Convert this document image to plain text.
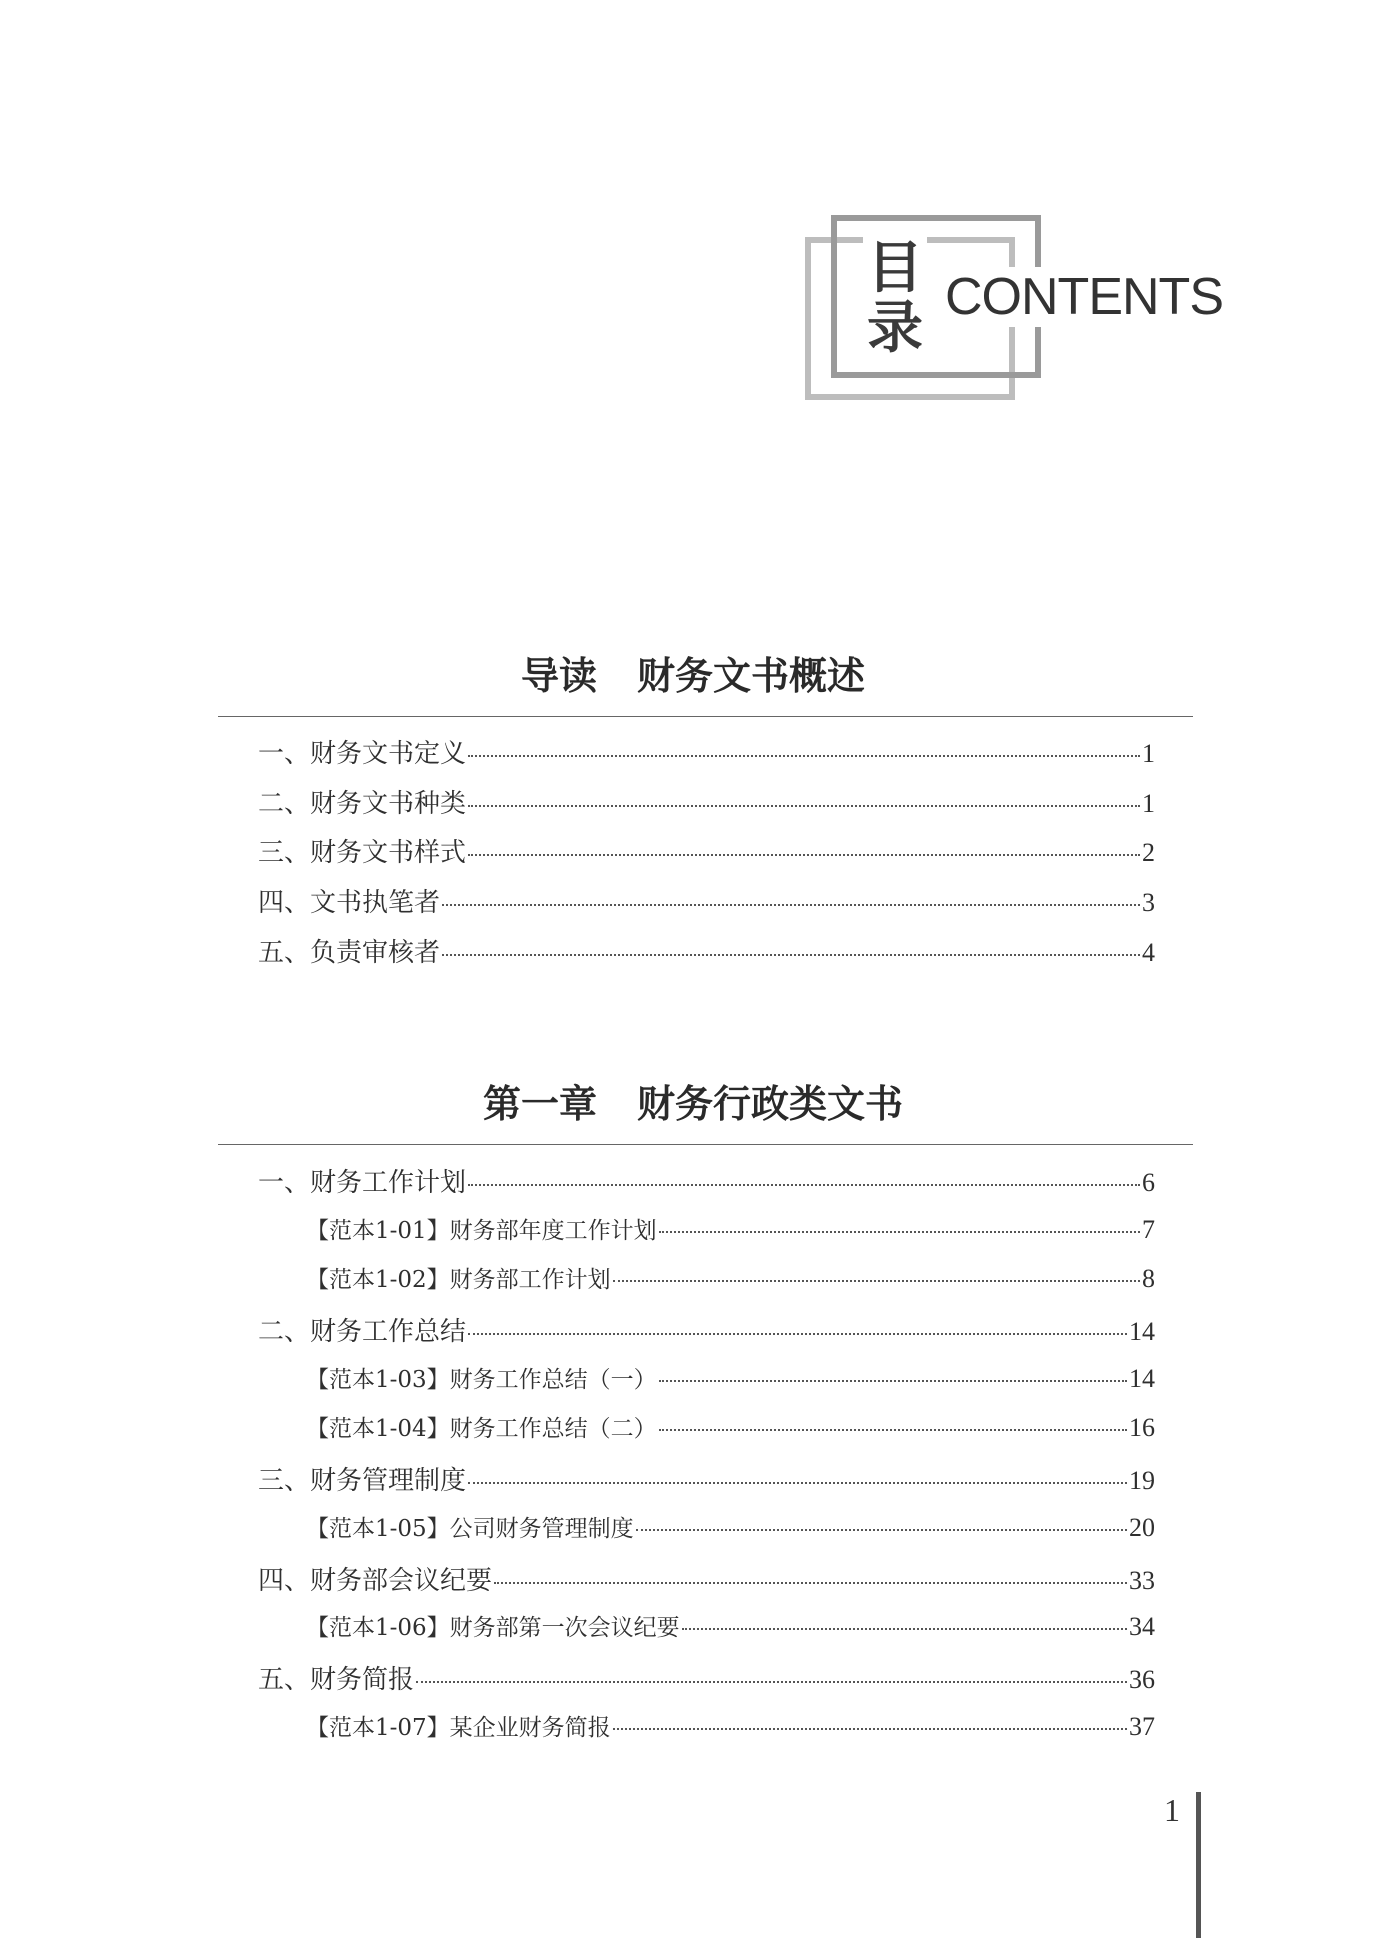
目
录 CONTENTS
导读 财务文书概述
一、财务文书定义	1
二、财务文书种类	1
三、财务文书样式	2
四、文书执笔者	3
五、负责审核者	4
第一章 财务行政类文书
一、财务工作计划	6
【范本1-01】财务部年度工作计划	7
【范本1-02】财务部工作计划	8
二、财务工作总结	14
【范本1-03】财务工作总结（一）	14
【范本1-04】财务工作总结（二）	16
三、财务管理制度	19
【范本1-05】公司财务管理制度	20
四、财务部会议纪要	33
【范本1-06】财务部第一次会议纪要	34
五、财务简报	36
【范本1-07】某企业财务简报	37
1
